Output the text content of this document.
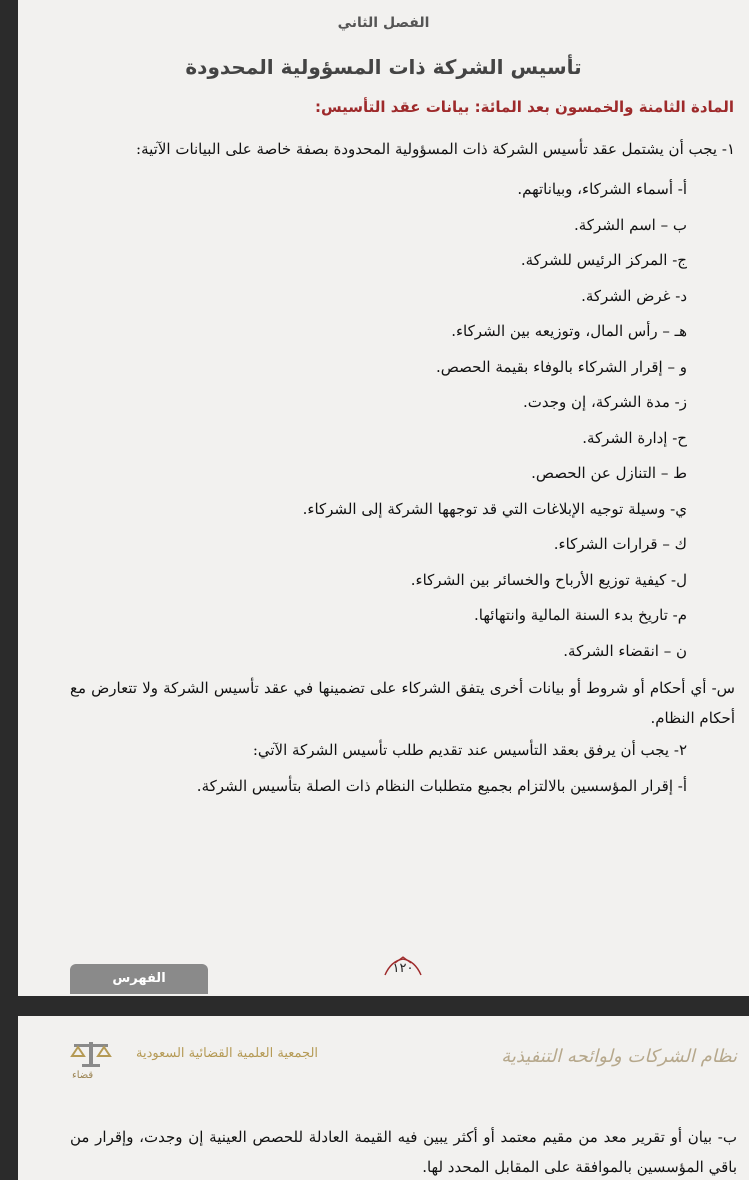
الفصل الثاني
تأسيس الشركة ذات المسؤولية المحدودة
المادة الثامنة والخمسون بعد المائة: بيانات عقد التأسيس:

١- يجب أن يشتمل عقد تأسيس الشركة ذات المسؤولية المحدودة بصفة خاصة على البيانات الآتية:

أ- أسماء الشركاء، وبياناتهم.
ب – اسم الشركة.
ج- المركز الرئيس للشركة.
د- غرض الشركة.
هـ – رأس المال، وتوزيعه بين الشركاء.
و – إقرار الشركاء بالوفاء بقيمة الحصص.
ز- مدة الشركة، إن وجدت.
ح- إدارة الشركة.
ط – التنازل عن الحصص.
ي- وسيلة توجيه الإبلاغات التي قد توجهها الشركة إلى الشركاء.
ك – قرارات الشركاء.
ل- كيفية توزيع الأرباح والخسائر بين الشركاء.
م- تاريخ بدء السنة المالية وانتهائها.
ن – انقضاء الشركة.

س- أي أحكام أو شروط أو بيانات أخرى يتفق الشركاء على تضمينها في عقد تأسيس الشركة ولا تتعارض مع أحكام النظام.

٢- يجب أن يرفق بعقد التأسيس عند تقديم طلب تأسيس الشركة الآتي:
أ- إقرار المؤسسين بالالتزام بجميع متطلبات النظام ذات الصلة بتأسيس الشركة.
١٢٠
الفهرس
نظام الشركات ولوائحه التنفيذية
الجمعية العلمية القضائية السعودية
قضاء

ب- بيان أو تقرير معد من مقيم معتمد أو أكثر يبين فيه القيمة العادلة للحصص العينية إن وجدت، وإقرار من باقي المؤسسين بالموافقة على المقابل المحدد لها.
